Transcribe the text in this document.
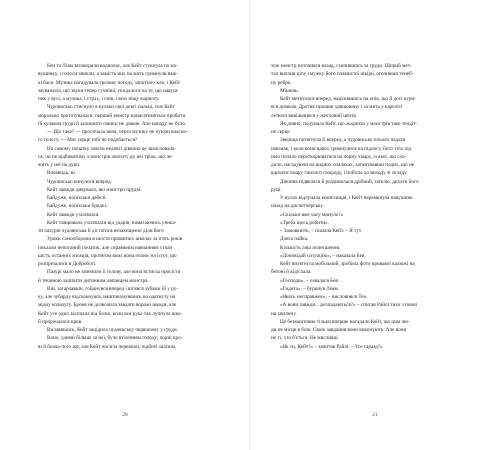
Бен та Ліам заговорили водночас, але Кейт стукнула по на-

вушнику, і голоси зникли, а замість них на мить гримнули важ-

кі баси. Музика нагадувала грозову погоду, запотіле скло, і Кейт

зауважила, що звуки тепер гучніші; скидалося на те, що навуш-

ник у вусі, а музика, і страх, і гнів, і всю ніщу марноту.

Чудовисько стиснуло в кулаки свої довгі пальці, тож Кейт

морально приготувалася: перший монстр намагатиметься пробити

їй кулаком груди й залишити свинці не довше. Але нападу не було.

— Що таке? — просичала вона, через музику не чуючи власно-

го голосу. — Моє серце тобі не подобається?

На самому початку зовсім недовгі дівчина це замісповала-

ся, чи не відбиватиму з монстрів апетиту до неї тріок, що ле-

жить у неї на душі.

Вочевидь, ні.

Чудовисько кинулося вперед.

Кейт завжди дивувало, які монстри прудкі.

Байдуже, наскільки дебелі.

Байдуже, наскільки бридкі.

Кейт завжди ухилялася.

Кейт танцювала ухилялася від ударів, намагаючись уника-

ти пазурів чудовиська й дістатися незахищеної діли його

Уроки самооборони в шостя приватних школах за п'ять років

поклали непоганий початок, але справжнім навчанням стали

шість останніх місяців, протягом яких вона полює на істот, що

розпрезалися в Доброботі.

Пазурі мало не зачепили її голову, але вона встигла присісти

й тичиною заліпити дитинним ляпанцем монстра.

Він, загарчавши, гойднувся вперед і вп'явся зубами їй у ру-

ку, але зубарду відскакнувся, наштовхнувшись на одягнуту на

мідну кольчугу. Броня не дозволила завдати ворожі шкоди, але

Кейт усе одно засичала від болю, коли вся рука так лупнула шко-

й пророчалася кров.

Вилаявшись, Кейт зацідила чудовиську червоному у груди.

Воно, удеяні більше за неї, було втіленням голоду; чорні кро-

ві й бозна-чого ще, але Кейт носила черевики, підбиті залізом,

20

тож монстр поточився назад, схопившись за груди. Щирий мет-

тал виплив ціпу смужку його плямистої шкіри, оголивши тенеб-

ну ребро.

Мішень.

Кейт метнулася вперед, націлившись на опік, що й досі кури-

вся димком. Дротик прошив хрящовину і за мить у кареліті

летючо вивільнився у житловий центр.

Як дивно, подумала Кейт, що жоднієш у монстрів таке тендіт-

не серце.

Зверіща потягнула її вперед, а чудовисько почало падати

навзнак, і коли вони вдвох гримнулися на підлогу, його тіло під

нею почало перетворюватися на чорну хмару, із якої, що схо-

дило, нагадуючи на видних спалахах, затамувавши подих, що не

вдихати хмару гнилого смороду, і побігла до виходу зі складу.

Дівчина підвелася й роздивилася дрібний, зателю, дихати його

руці.

У вухах відлунала композиція, і Кейт перемкнула навушник

назад на диспетчерську.

«Скільки вже часу минуло?»

«Треба щось робити».

– Замовкніть, – сказала Кейт. – Я тут.

Довга пайка.

Кількість ляш полегшення.

«Доповідай ситуацію», – наказала Бея.

Кейт витягнула мобільний, зробила фото кривавої калюжі на

бетоні й відіслала.

«Господи», – озвалася Бея.

«Гидота», – буркнув Лімм.

«Якесь несправжнє», – висловився Тео.

«А вони завжди... розпадаються?» – спитав Райлі тихо з повні

на хвилину.

Це безкоштовне тільки вперше нагадало Кейт, що цим лю-

ди не місце в бою. Свою завдання вони виконують. Але вони

не ті, хто б'ється. Не мисливці.

«Як ти, Кейт?» – запитав Райлі. – Усе гаразд?»

21
